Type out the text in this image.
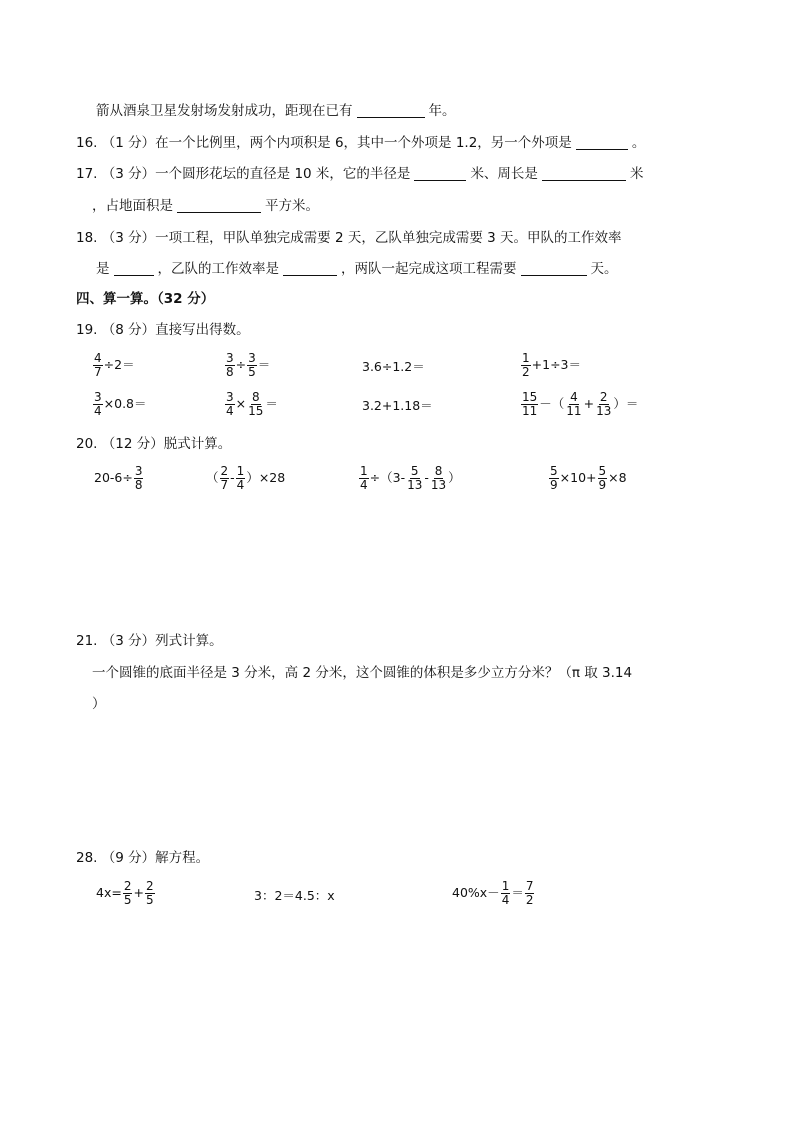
箭从酒泉卫星发射场发射成功，距现在已有	年。
16. （1 分）在一个比例里，两个内项积是 6，其中一个外项是 1.2，另一个外项是	。
17. （3 分）一个圆形花坛的直径是 10 米，它的半径是	米、周长是	米
，占地面积是	平方米。
18. （3 分）一项工程，甲队单独完成需要 2 天，乙队单独完成需要 3 天。甲队的工作效率
是	，乙队的工作效率是	，两队一起完成这项工程需要	天。
四、算一算。（32 分）
19. （8 分）直接写出得数。
$\frac{4}{7} \div 2=$	$\frac{3}{8} \div \frac{3}{5}$ ＝	3.6÷1.2＝	$\frac{1}{2} +1\div 3=$
$\frac{3}{4} \times 0.8=$	$\frac{3}{4} \times \frac{8}{15}$ ＝	3.2+1.18＝	$\frac{15}{11}$ －（ $\frac{4}{11} + \frac{2}{13}$ ）＝
20. （12 分）脱式计算。
$20-6\div \frac{3}{8}$	（ $\frac{2}{7} - \frac{1}{4} )\times 28$	$\frac{1}{4} \div(3- \frac{5}{13} - \frac{8}{13}$ ）	$\frac{5}{9} \times 10+ \frac{5}{9} \times 8$
21. （3 分）列式计算。
一个圆锥的底面半径是 3 分米，高 2 分米，这个圆锥的体积是多少立方分米？（π 取 3.14
）
28. （9 分）解方程。
$4x= \frac{2}{5} + \frac{2}{5}$	3：2＝4.5：x	$40\%x- \frac{1}{4} = \frac{7}{2}$
